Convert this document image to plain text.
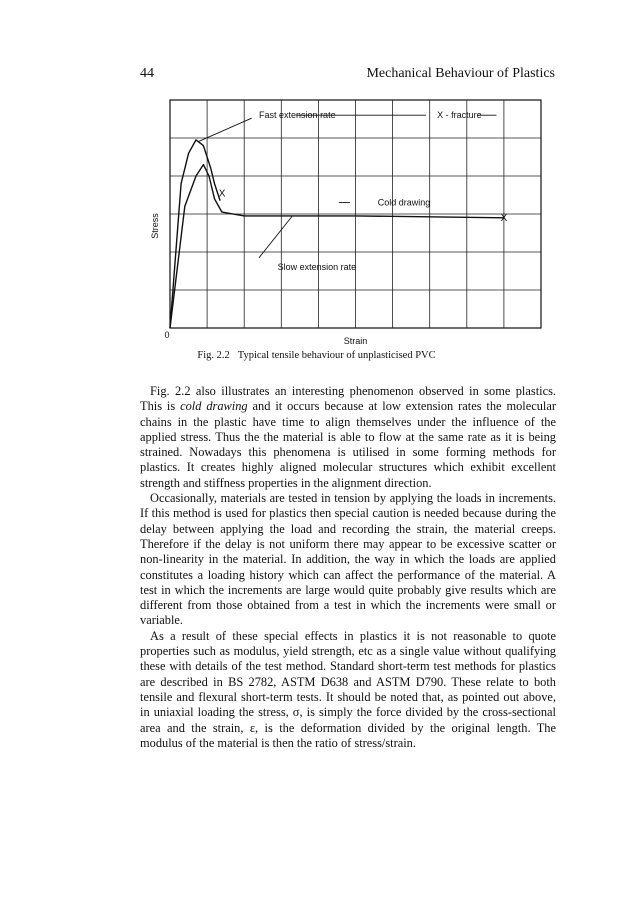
44	Mechanical Behaviour of Plastics
Fast extension rate	X - fracture
X
Cold drawing
X
Slow extension rate
Strain
Stress
0
Fig. 2.2 Typical tensile behaviour of unplasticised PVC

Fig. 2.2 also illustrates an interesting phenomenon observed in some plastics. This is cold drawing and it occurs because at low extension rates the molecular chains in the plastic have time to align themselves under the influence of the applied stress. Thus the the material is able to flow at the same rate as it is being strained. Nowadays this phenomena is utilised in some forming methods for plastics. It creates highly aligned molecular structures which exhibit excellent strength and stiffness properties in the alignment direction.

Occasionally, materials are tested in tension by applying the loads in increments. If this method is used for plastics then special caution is needed because during the delay between applying the load and recording the strain, the material creeps. Therefore if the delay is not uniform there may appear to be excessive scatter or non-linearity in the material. In addition, the way in which the loads are applied constitutes a loading history which can affect the performance of the material. A test in which the increments are large would quite probably give results which are different from those obtained from a test in which the increments were small or variable.

As a result of these special effects in plastics it is not reasonable to quote properties such as modulus, yield strength, etc as a single value without qualifying these with details of the test method. Standard short-term test methods for plastics are described in BS 2782, ASTM D638 and ASTM D790. These relate to both tensile and flexural short-term tests. It should be noted that, as pointed out above, in uniaxial loading the stress, σ, is simply the force divided by the cross-sectional area and the strain, ε, is the deformation divided by the original length. The modulus of the material is then the ratio of stress/strain.
